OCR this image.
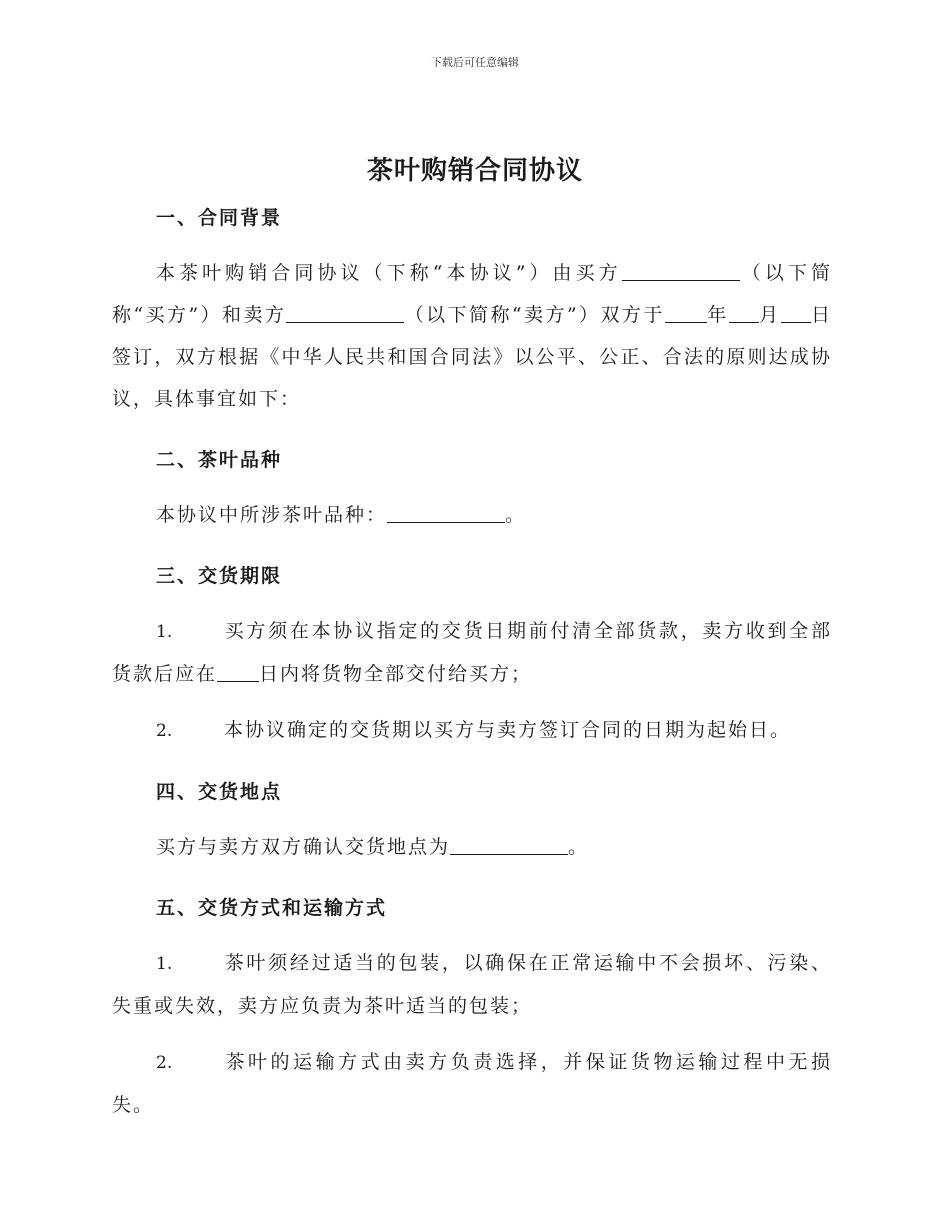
下载后可任意编辑
茶叶购销合同协议
一、合同背景
本茶叶购销合同协议（下称“本协议”）由买方	（以下简称“买方”）和卖方	（以下简称“卖方”）双方于 年 月 日签订，双方根据《中华人民共和国合同法》以公平、公正、合法的原则达成协议，具体事宜如下：
二、茶叶品种
本协议中所涉茶叶品种：	。
三、交货期限
1.	买方须在本协议指定的交货日期前付清全部货款，卖方收到全部货款后应在 日内将货物全部交付给买方；
2.	本协议确定的交货期以买方与卖方签订合同的日期为起始日。
四、交货地点
买方与卖方双方确认交货地点为	。
五、交货方式和运输方式
1.	茶叶须经过适当的包装，以确保在正常运输中不会损坏、污染、失重或失效，卖方应负责为茶叶适当的包装；
2.	茶叶的运输方式由卖方负责选择，并保证货物运输过程中无损失。
